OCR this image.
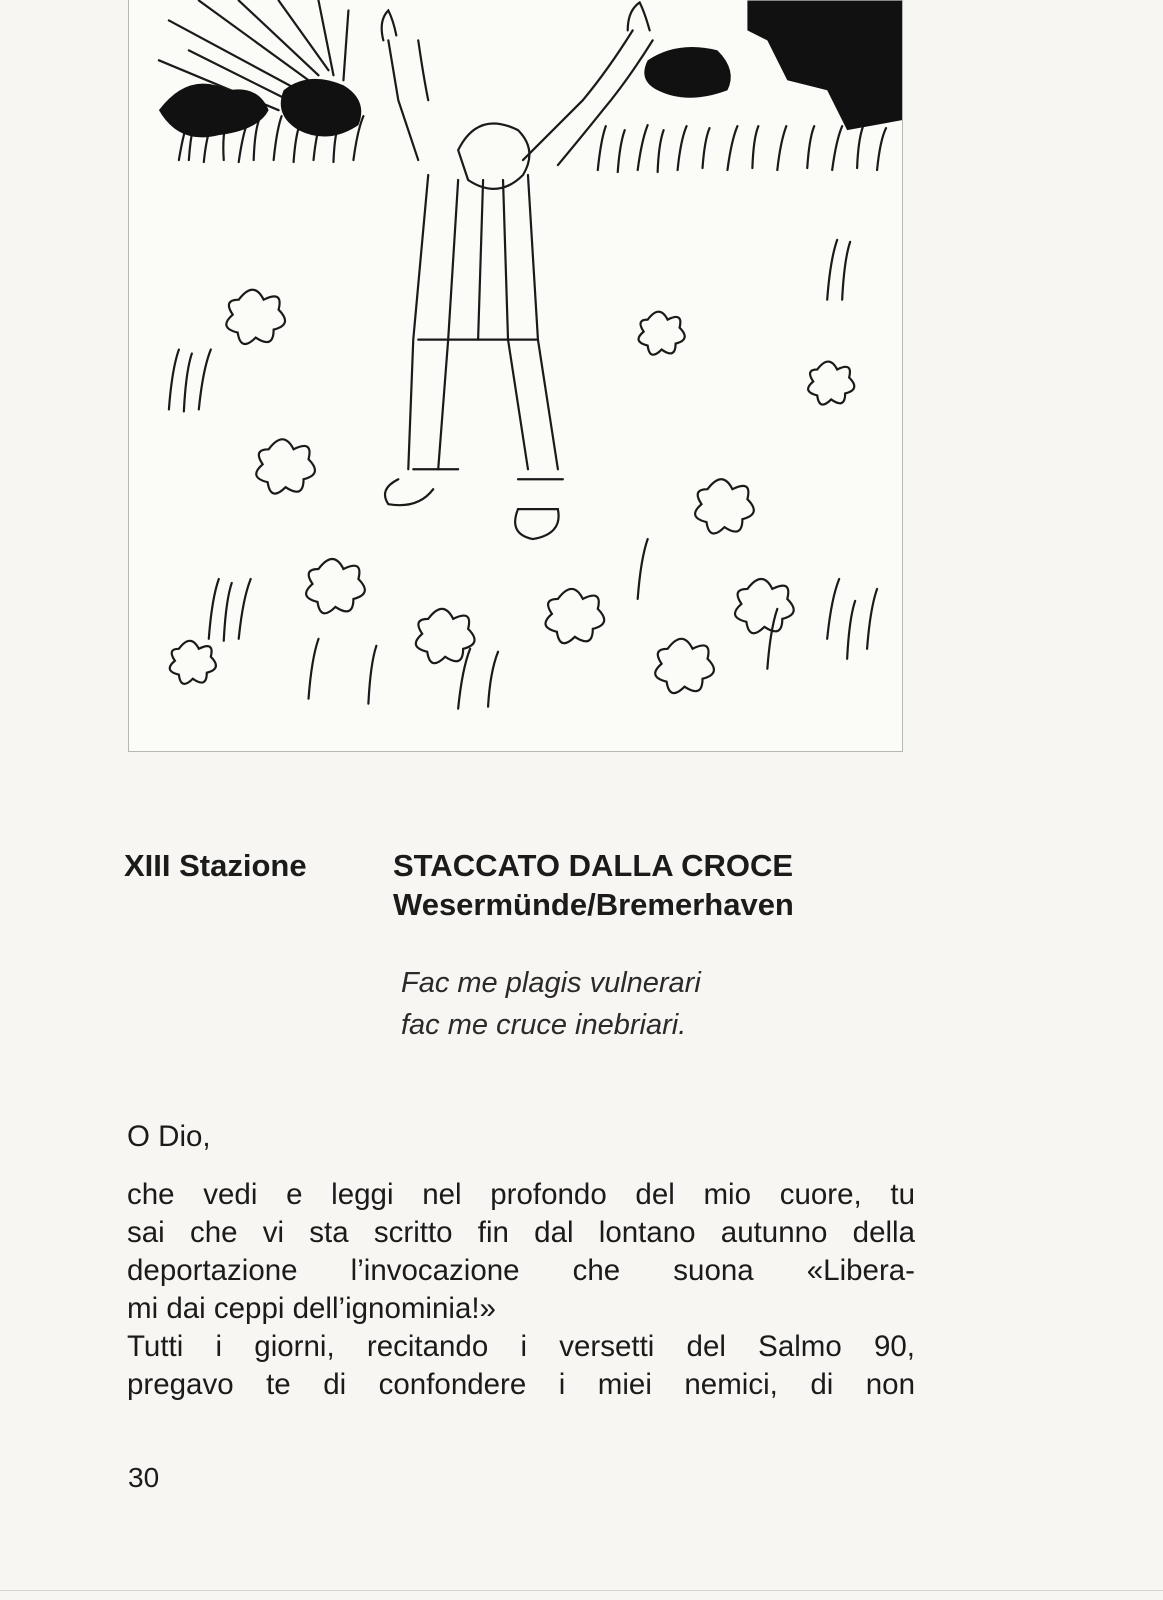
XIII Stazione	STACCATO DALLA CROCE
Wesermünde/Bremerhaven
Fac me plagis vulnerari
fac me cruce inebriari.
O Dio,
che vedi e leggi nel profondo del mio cuore, tu
sai che vi sta scritto fin dal lontano autunno della
deportazione l’invocazione che suona «Libera-
mi dai ceppi dell’ignominia!»
Tutti i giorni, recitando i versetti del Salmo 90,
pregavo te di confondere i miei nemici, di non
30
